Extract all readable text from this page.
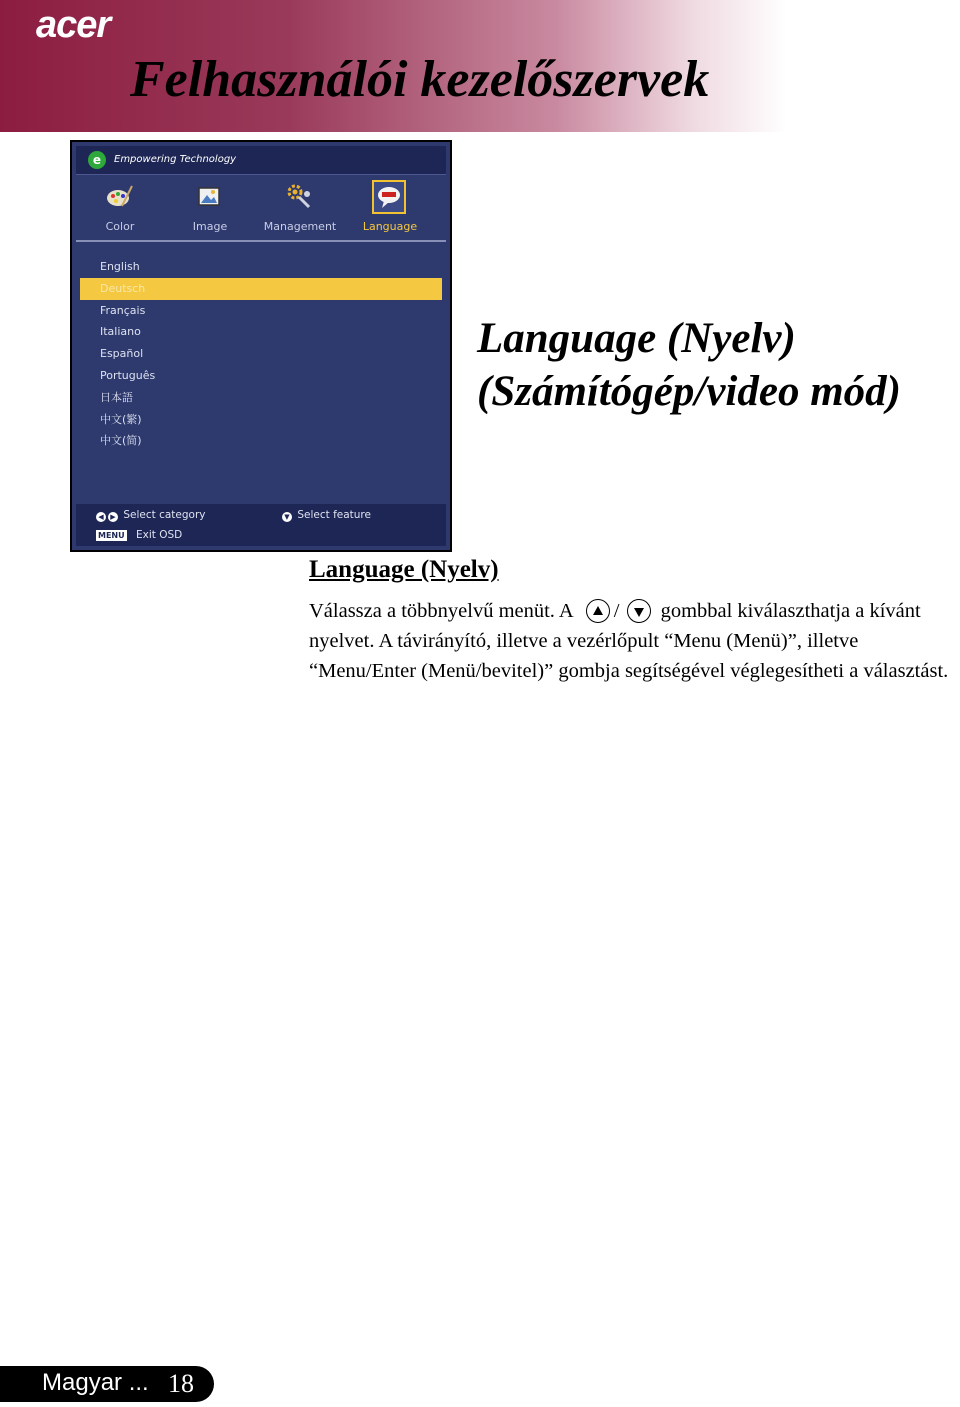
acer
Felhasználói kezelőszervek
e	Empowering Technology
Color	Image	Management	Language
English
Deutsch
Français
Italiano
Español
Português
日本語
中文(繁)
中文(简)
◀ ▶ Select category	▼ Select feature
MENU Exit OSD
Language (Nyelv)
(Számítógép/video mód)
Language (Nyelv)
Válassza a többnyelvű menüt. A / gombbal kiválaszthatja a kívánt nyelvet. A távirányító, illetve a vezérlőpult “Menu (Menü)”, illetve “Menu/Enter (Menü/bevitel)” gombja segítségével véglegesítheti a választást.
Magyar ... 18
